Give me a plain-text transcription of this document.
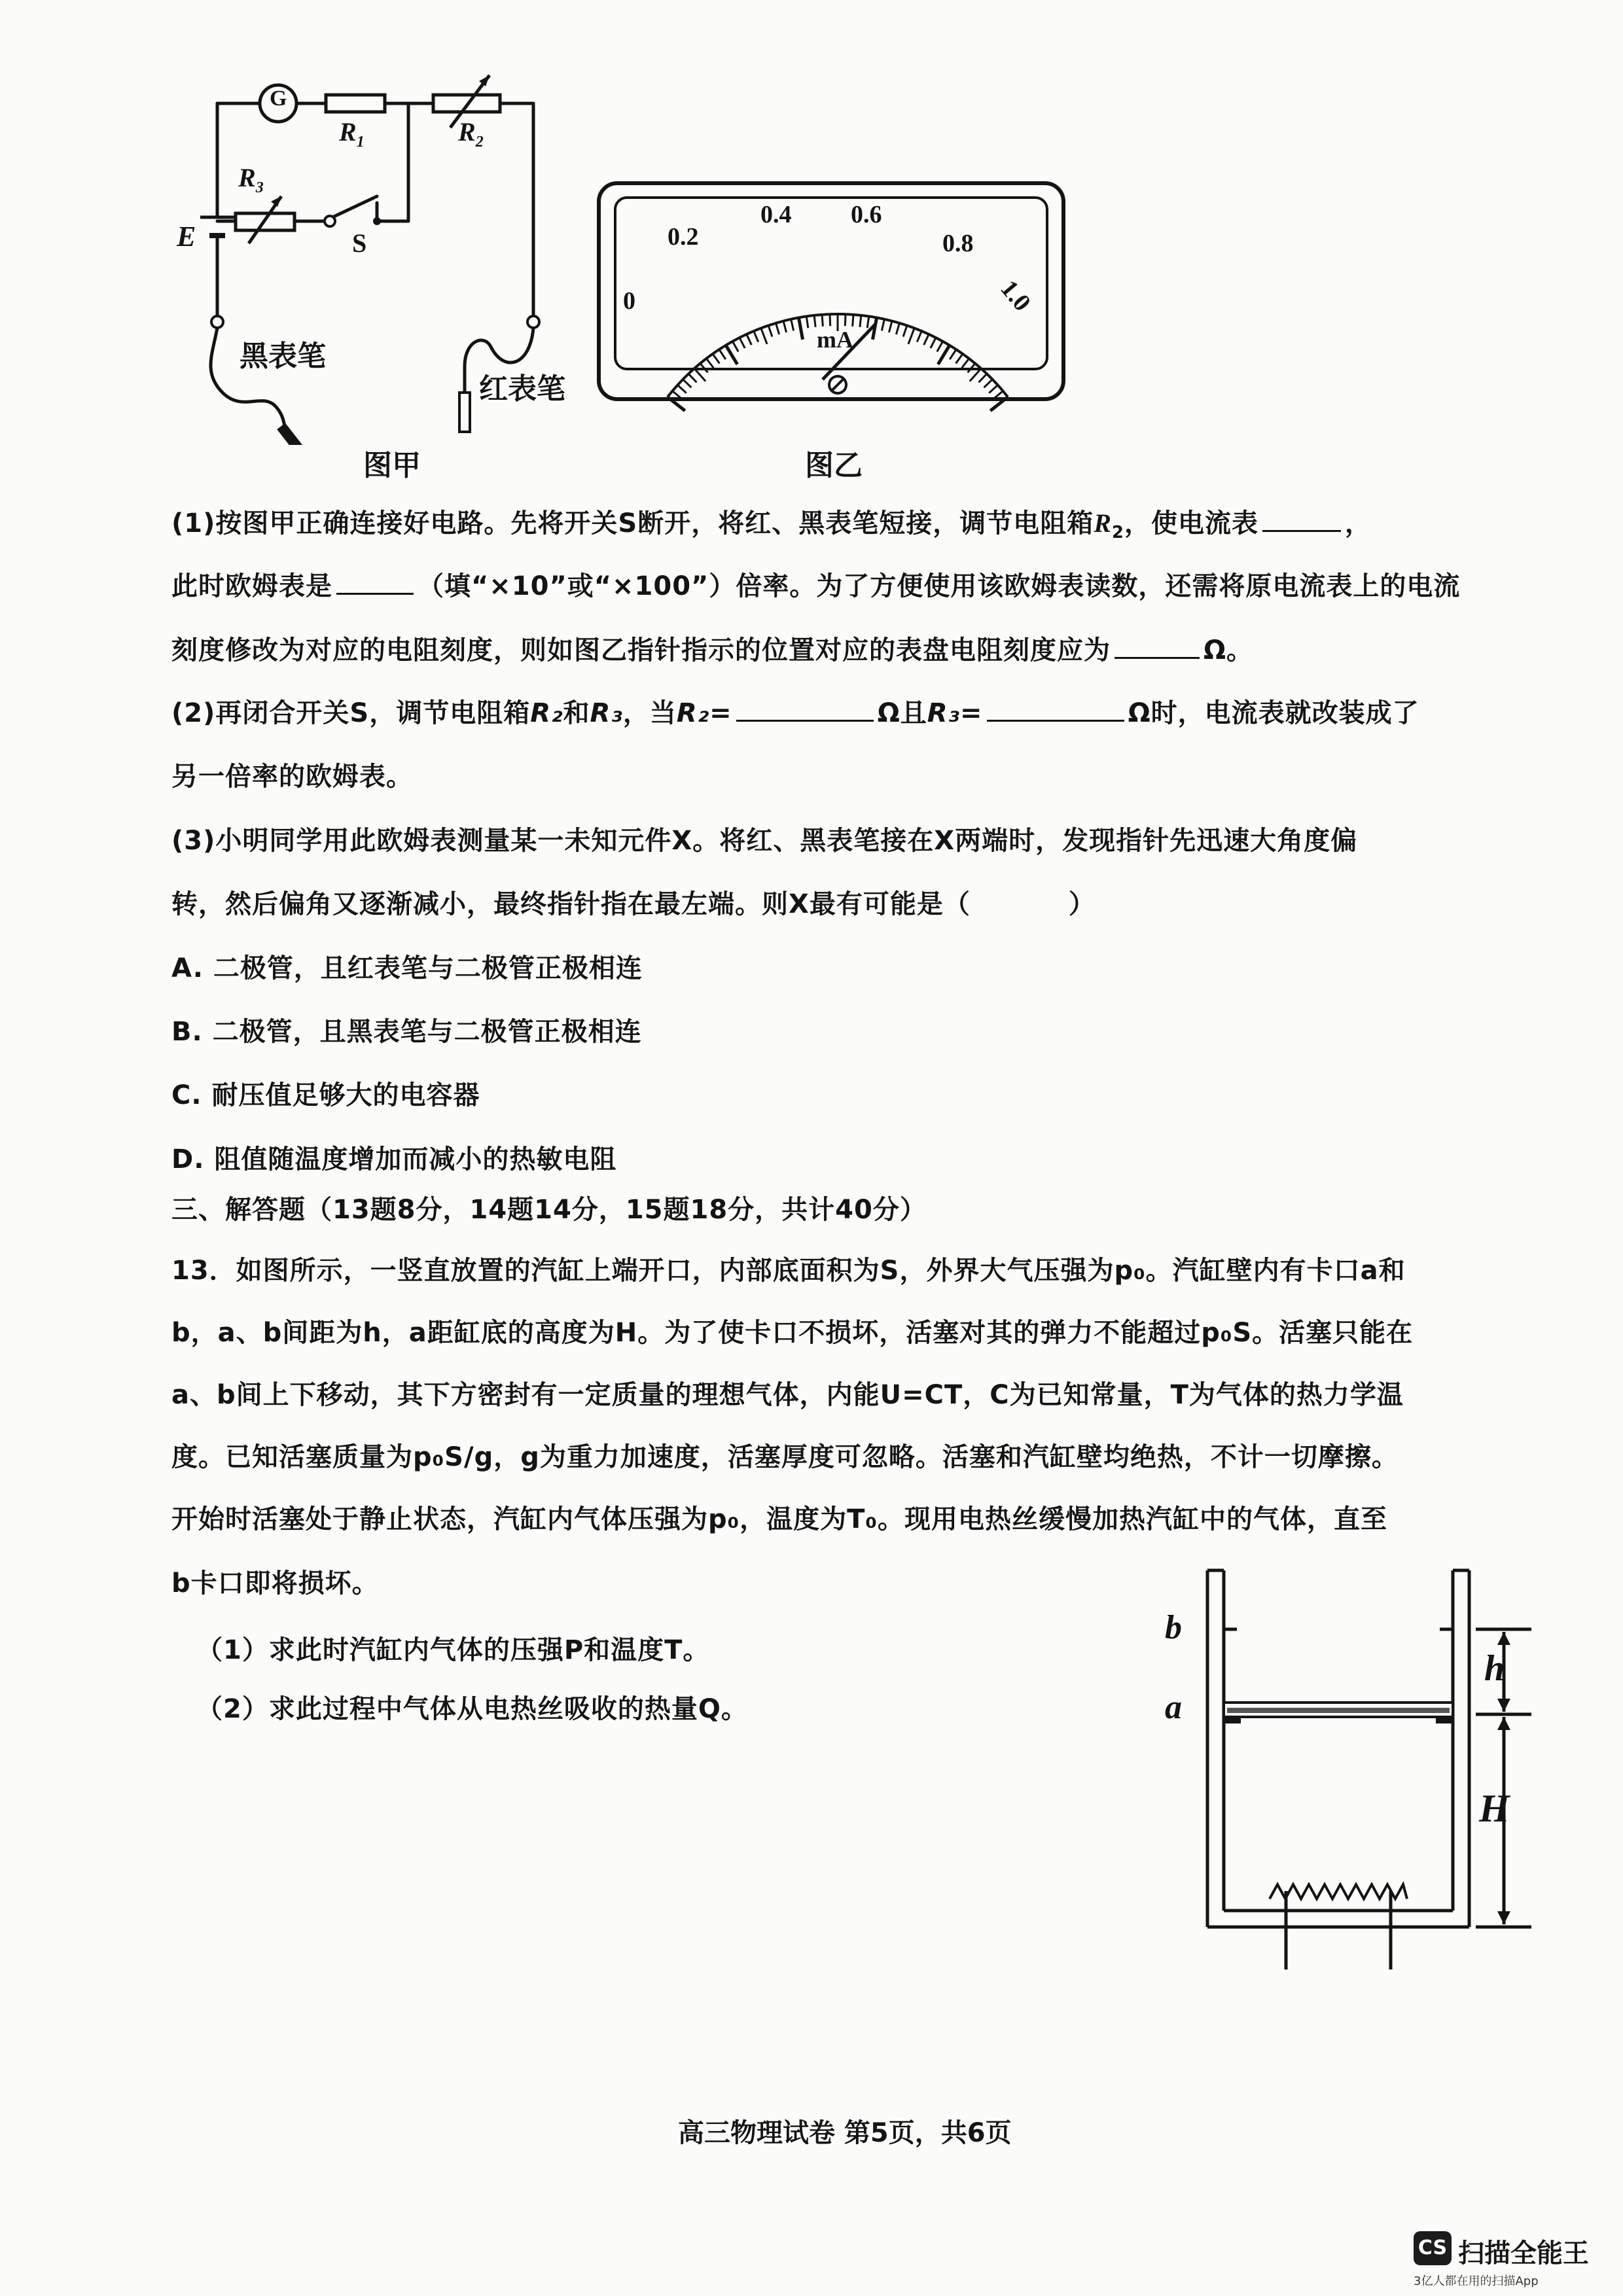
G
$R_1$	$R_2$
$R_3$
E	S
黑表笔
红表笔
图甲
0
0.2
0.4 0.6
0.8
1.0
mA
图乙
(1)按图甲正确连接好电路。先将开关S断开，将红、黑表笔短接，调节电阻箱$R_2$，使电流表	，
此时欧姆表是	（填“×10”或“×100”）倍率。为了方便使用该欧姆表读数，还需将原电流表上的电流
刻度修改为对应的电阻刻度，则如图乙指针指示的位置对应的表盘电阻刻度应为	Ω。
(2)再闭合开关S，调节电阻箱R₂和R₃，当R₂=	Ω且R₃=	Ω时，电流表就改装成了
另一倍率的欧姆表。
(3)小明同学用此欧姆表测量某一未知元件X。将红、黑表笔接在X两端时，发现指针先迅速大角度偏
转，然后偏角又逐渐减小，最终指针指在最左端。则X最有可能是（	）
A. 二极管，且红表笔与二极管正极相连
B. 二极管，且黑表笔与二极管正极相连
C. 耐压值足够大的电容器
D. 阻值随温度增加而减小的热敏电阻
三、解答题（13题8分，14题14分，15题18分，共计40分）
13．如图所示，一竖直放置的汽缸上端开口，内部底面积为S，外界大气压强为p₀。汽缸壁内有卡口a和
b，a、b间距为h，a距缸底的高度为H。为了使卡口不损坏，活塞对其的弹力不能超过p₀S。活塞只能在
a、b间上下移动，其下方密封有一定质量的理想气体，内能U=CT，C为已知常量，T为气体的热力学温
度。已知活塞质量为p₀S/g，g为重力加速度，活塞厚度可忽略。活塞和汽缸壁均绝热，不计一切摩擦。
开始时活塞处于静止状态，汽缸内气体压强为p₀，温度为T₀。现用电热丝缓慢加热汽缸中的气体，直至
b卡口即将损坏。
（1）求此时汽缸内气体的压强P和温度T。
（2）求此过程中气体从电热丝吸收的热量Q。
b
a
h
H
高三物理试卷 第5页，共6页
CS 扫描全能王
3亿人都在用的扫描App
